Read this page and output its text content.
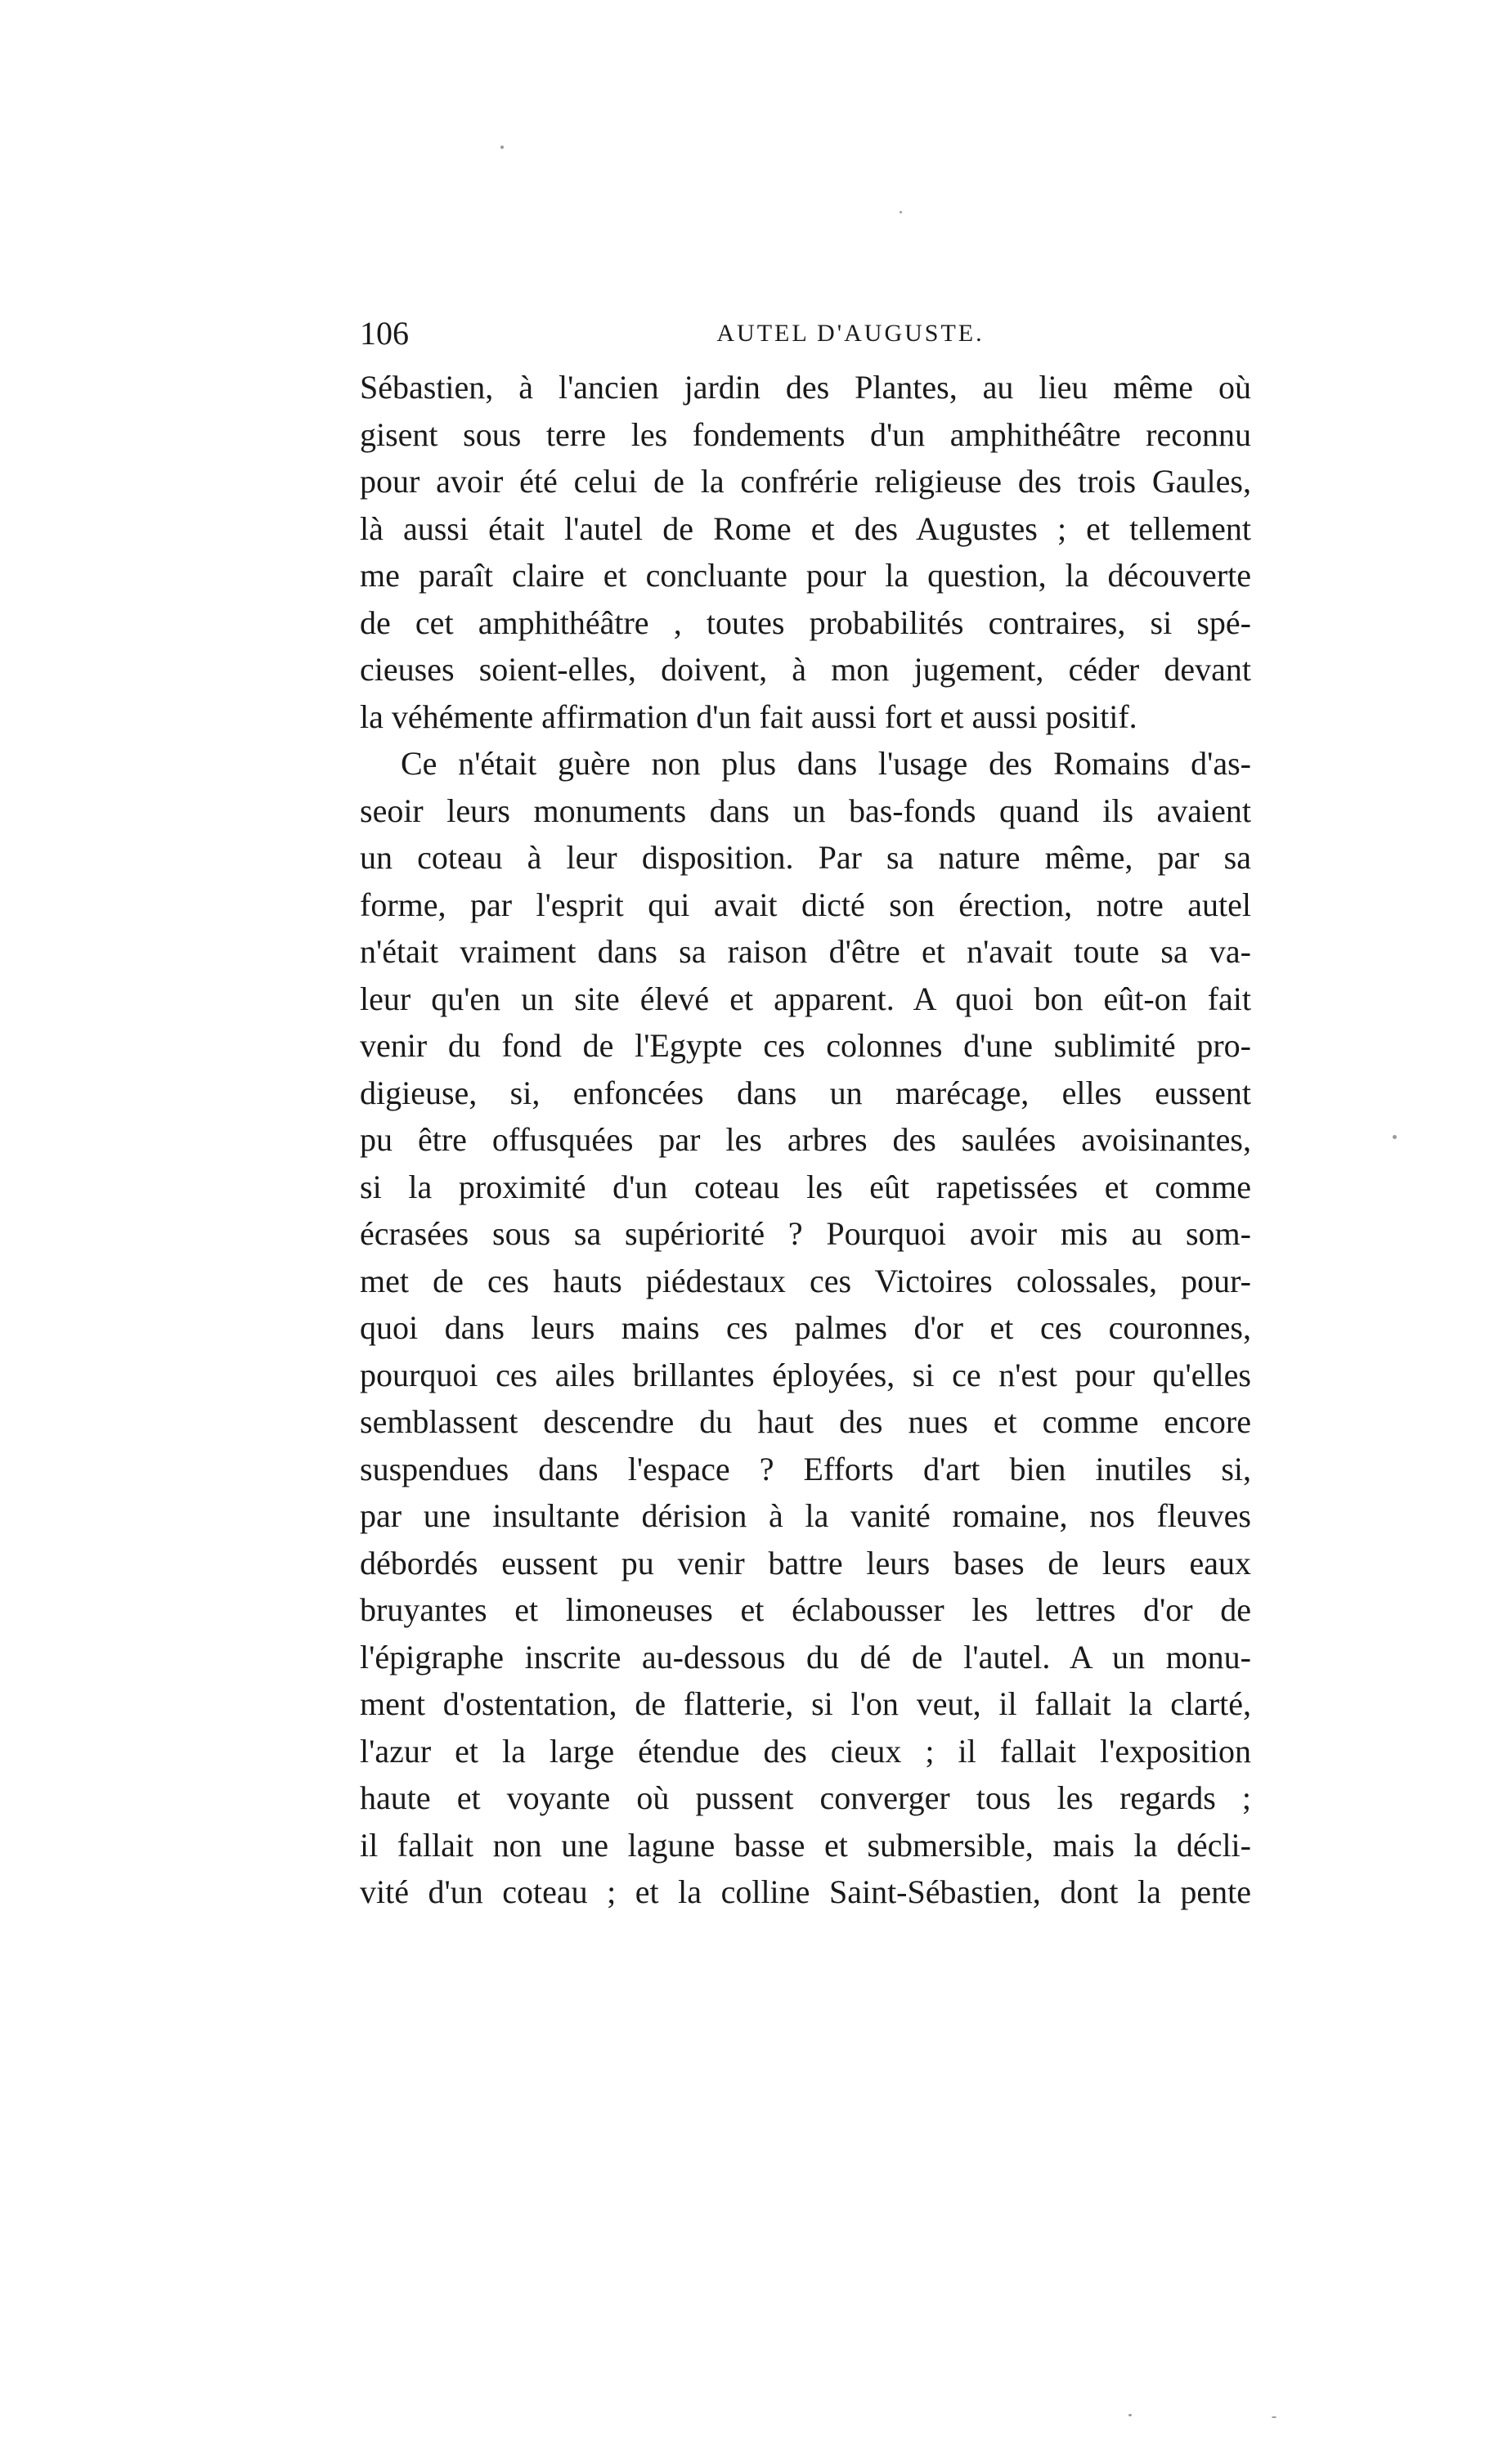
106	AUTEL D'AUGUSTE.
Sébastien, à l'ancien jardin des Plantes, au lieu même où
gisent sous terre les fondements d'un amphithéâtre reconnu
pour avoir été celui de la confrérie religieuse des trois Gaules,
là aussi était l'autel de Rome et des Augustes ; et tellement
me paraît claire et concluante pour la question, la découverte
de cet amphithéâtre , toutes probabilités contraires, si spé-
cieuses soient-elles, doivent, à mon jugement, céder devant
la véhémente affirmation d'un fait aussi fort et aussi positif.
Ce n'était guère non plus dans l'usage des Romains d'as-
seoir leurs monuments dans un bas-fonds quand ils avaient
un coteau à leur disposition. Par sa nature même, par sa
forme, par l'esprit qui avait dicté son érection, notre autel
n'était vraiment dans sa raison d'être et n'avait toute sa va-
leur qu'en un site élevé et apparent. A quoi bon eût-on fait
venir du fond de l'Egypte ces colonnes d'une sublimité pro-
digieuse, si, enfoncées dans un marécage, elles eussent
pu être offusquées par les arbres des saulées avoisinantes,
si la proximité d'un coteau les eût rapetissées et comme
écrasées sous sa supériorité ? Pourquoi avoir mis au som-
met de ces hauts piédestaux ces Victoires colossales, pour-
quoi dans leurs mains ces palmes d'or et ces couronnes,
pourquoi ces ailes brillantes éployées, si ce n'est pour qu'elles
semblassent descendre du haut des nues et comme encore
suspendues dans l'espace ? Efforts d'art bien inutiles si,
par une insultante dérision à la vanité romaine, nos fleuves
débordés eussent pu venir battre leurs bases de leurs eaux
bruyantes et limoneuses et éclabousser les lettres d'or de
l'épigraphe inscrite au-dessous du dé de l'autel. A un monu-
ment d'ostentation, de flatterie, si l'on veut, il fallait la clarté,
l'azur et la large étendue des cieux ; il fallait l'exposition
haute et voyante où pussent converger tous les regards ;
il fallait non une lagune basse et submersible, mais la décli-
vité d'un coteau ; et la colline Saint-Sébastien, dont la pente
